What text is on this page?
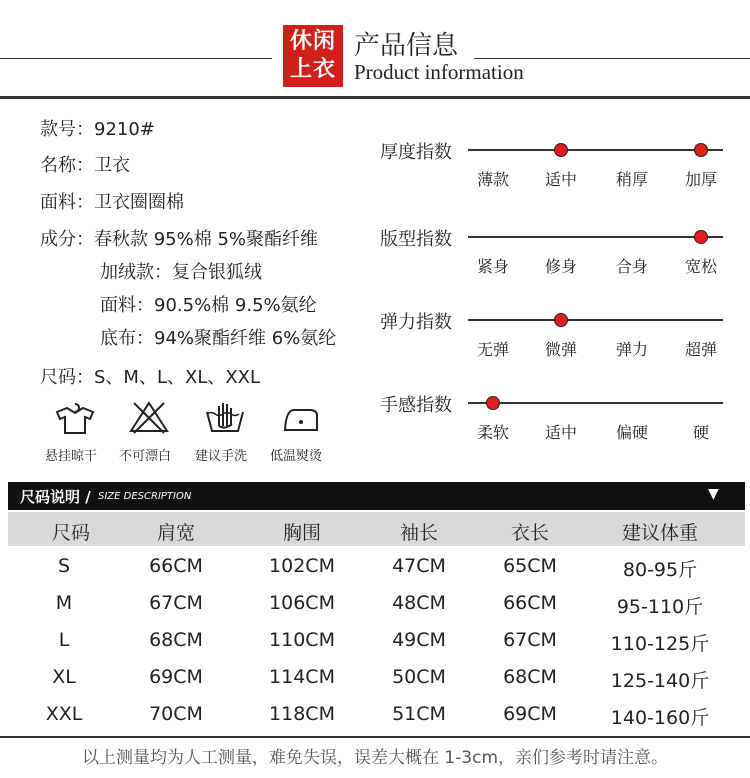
休闲
上衣
产品信息
Product information
款号：9210#
名称：卫衣
面料：卫衣圈圈棉
成分：春秋款 95%棉 5%聚酯纤维
加绒款：复合银狐绒
面料：90.5%棉 9.5%氨纶
底布：94%聚酯纤维 6%氨纶
尺码：S、M、L、XL、XXL
悬挂晾干 不可漂白 建议手洗 低温熨烫
厚度指数
薄款 适中 稍厚 加厚
版型指数
紧身 修身 合身 宽松
弹力指数
无弹 微弹 弹力 超弹
手感指数
柔软 适中 偏硬	硬
尺码说明 / SIZE DESCRIPTION	▼
尺码	肩宽	胸围	袖长	衣长	建议体重
S	66CM	102CM	47CM	65CM	80-95斤
M	67CM	106CM	48CM	66CM	95-110斤
L	68CM	110CM	49CM	67CM	110-125斤
XL	69CM	114CM	50CM	68CM	125-140斤
XXL	70CM	118CM	51CM	69CM	140-160斤
以上测量均为人工测量，难免失误，误差大概在 1-3cm，亲们参考时请注意。
